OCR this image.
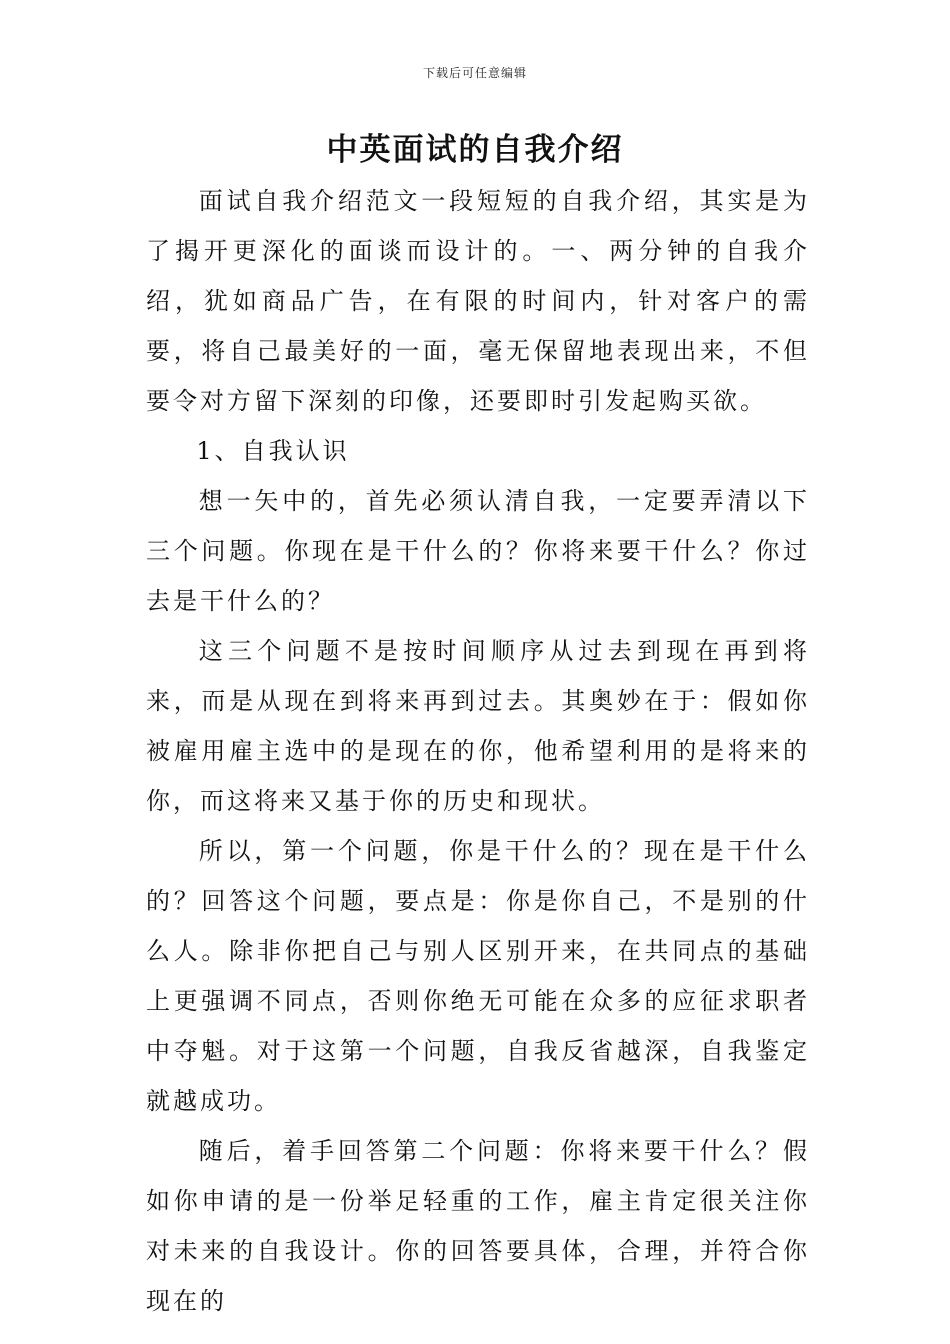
下载后可任意编辑
中英面试的自我介绍

面试自我介绍范文一段短短的自我介绍，其实是为了揭开更深化的面谈而设计的。一、两分钟的自我介绍，犹如商品广告，在有限的时间内，针对客户的需要，将自己最美好的一面，毫无保留地表现出来，不但要令对方留下深刻的印像，还要即时引发起购买欲。

1、自我认识

想一矢中的，首先必须认清自我，一定要弄清以下三个问题。你现在是干什么的？你将来要干什么？你过去是干什么的？

这三个问题不是按时间顺序从过去到现在再到将来，而是从现在到将来再到过去。其奥妙在于：假如你被雇用雇主选中的是现在的你，他希望利用的是将来的你，而这将来又基于你的历史和现状。

所以，第一个问题，你是干什么的？现在是干什么的？回答这个问题，要点是：你是你自己，不是别的什么人。除非你把自己与别人区别开来，在共同点的基础上更强调不同点，否则你绝无可能在众多的应征求职者中夺魁。对于这第一个问题，自我反省越深，自我鉴定就越成功。

随后，着手回答第二个问题：你将来要干什么？假如你申请的是一份举足轻重的工作，雇主肯定很关注你对未来的自我设计。你的回答要具体，合理，并符合你现在的
